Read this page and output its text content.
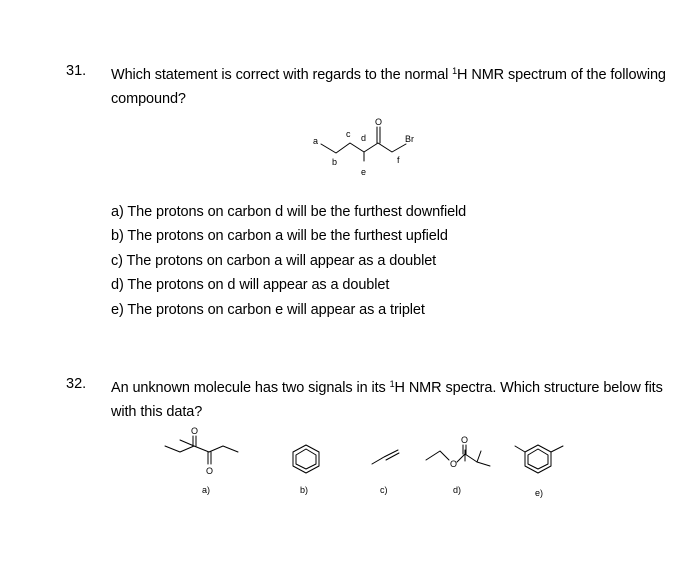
31. Which statement is correct with regards to the normal $^1$H NMR spectrum of the following
compound?
O
a
b
c d
e
f
Br
a) The protons on carbon d will be the furthest downfield
b) The protons on carbon a will be the furthest upfield
c) The protons on carbon a will appear as a doublet
d) The protons on d will appear as a doublet
e) The protons on carbon e will appear as a triplet
32. An unknown molecule has two signals in its $^1$H NMR spectra. Which structure below fits
with this data?
O
O
O
O
a)	b)	c)	d)	e)
